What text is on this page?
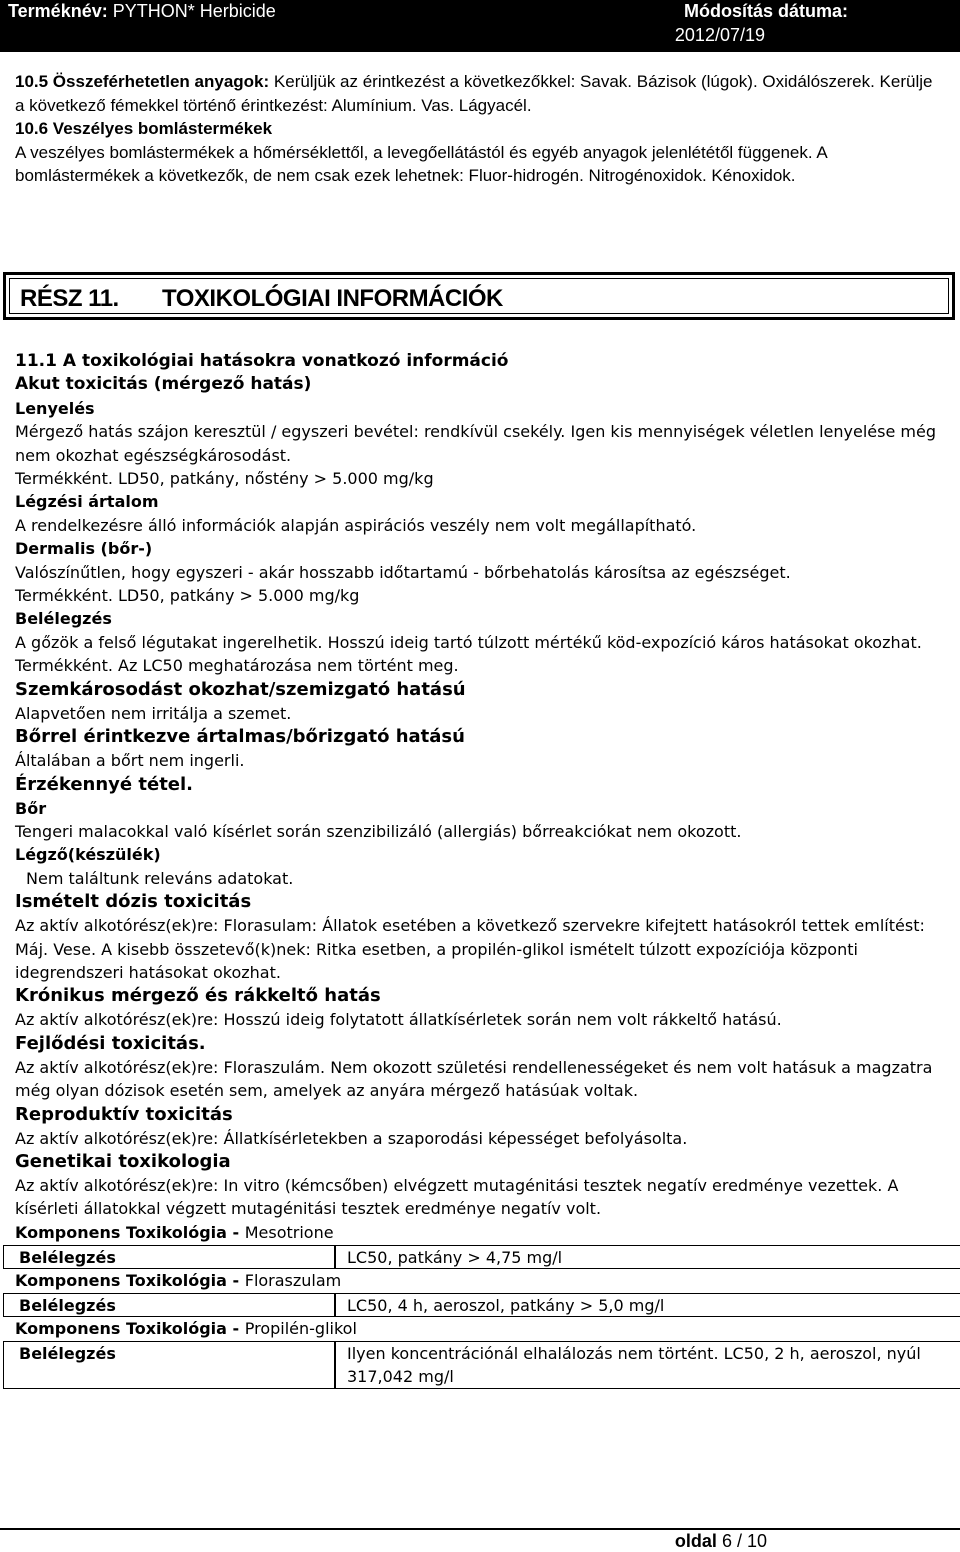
Terméknév: PYTHON* Herbicide	Módosítás dátuma:
2012/07/19
10.5 Összeférhetetlen anyagok: Kerüljük az érintkezést a következőkkel: Savak. Bázisok (lúgok). Oxidálószerek. Kerülje a következő fémekkel történő érintkezést: Alumínium. Vas. Lágyacél.
10.6 Veszélyes bomlástermékek
A veszélyes bomlástermékek a hőmérséklettől, a levegőellátástól és egyéb anyagok jelenlététől függenek. A bomlástermékek a következők, de nem csak ezek lehetnek: Fluor-hidrogén. Nitrogénoxidok. Kénoxidok.
RÉSZ 11. TOXIKOLÓGIAI INFORMÁCIÓK

11.1 A toxikológiai hatásokra vonatkozó információ

Akut toxicitás (mérgező hatás)

Lenyelés

Mérgező hatás szájon keresztül / egyszeri bevétel: rendkívül csekély. Igen kis mennyiségek véletlen lenyelése még nem okozhat egészségkárosodást.

Termékként. LD50, patkány, nőstény > 5.000 mg/kg

Légzési ártalom

A rendelkezésre álló információk alapján aspirációs veszély nem volt megállapítható.

Dermalis (bőr-)

Valószínűtlen, hogy egyszeri - akár hosszabb időtartamú - bőrbehatolás károsítsa az egészséget.

Termékként. LD50, patkány > 5.000 mg/kg

Belélegzés

A gőzök a felső légutakat ingerelhetik. Hosszú ideig tartó túlzott mértékű köd-expozíció káros hatásokat okozhat.

Termékként. Az LC50 meghatározása nem történt meg.

Szemkárosodást okozhat/szemizgató hatású

Alapvetően nem irritálja a szemet.

Bőrrel érintkezve ártalmas/bőrizgató hatású

Általában a bőrt nem ingerli.

Érzékennyé tétel.

Bőr

Tengeri malacokkal való kísérlet során szenzibilizáló (allergiás) bőrreakciókat nem okozott.

Légző(készülék)

Nem találtunk releváns adatokat.

Ismételt dózis toxicitás

Az aktív alkotórész(ek)re: Florasulam: Állatok esetében a következő szervekre kifejtett hatásokról tettek említést: Máj. Vese. A kisebb összetevő(k)nek: Ritka esetben, a propilén-glikol ismételt túlzott expozíciója központi idegrendszeri hatásokat okozhat.

Krónikus mérgező és rákkeltő hatás

Az aktív alkotórész(ek)re: Hosszú ideig folytatott állatkísérletek során nem volt rákkeltő hatású.

Fejlődési toxicitás.

Az aktív alkotórész(ek)re: Floraszulám. Nem okozott születési rendellenességeket és nem volt hatásuk a magzatra még olyan dózisok esetén sem, amelyek az anyára mérgező hatásúak voltak.

Reproduktív toxicitás

Az aktív alkotórész(ek)re: Állatkísérletekben a szaporodási képességet befolyásolta.

Genetikai toxikologia

Az aktív alkotórész(ek)re: In vitro (kémcsőben) elvégzett mutagénitási tesztek negatív eredménye vezettek. A kísérleti állatokkal végzett mutagénitási tesztek eredménye negatív volt.

Komponens Toxikológia - Mesotrione
Belélegzés	LC50, patkány > 4,75 mg/l
Komponens Toxikológia - Floraszulam
Belélegzés	LC50, 4 h, aeroszol, patkány > 5,0 mg/l
Komponens Toxikológia - Propilén-glikol
Belélegzés	Ilyen koncentrációnál elhalálozás nem történt. LC50, 2 h, aeroszol, nyúl 317,042 mg/l
oldal 6 / 10
